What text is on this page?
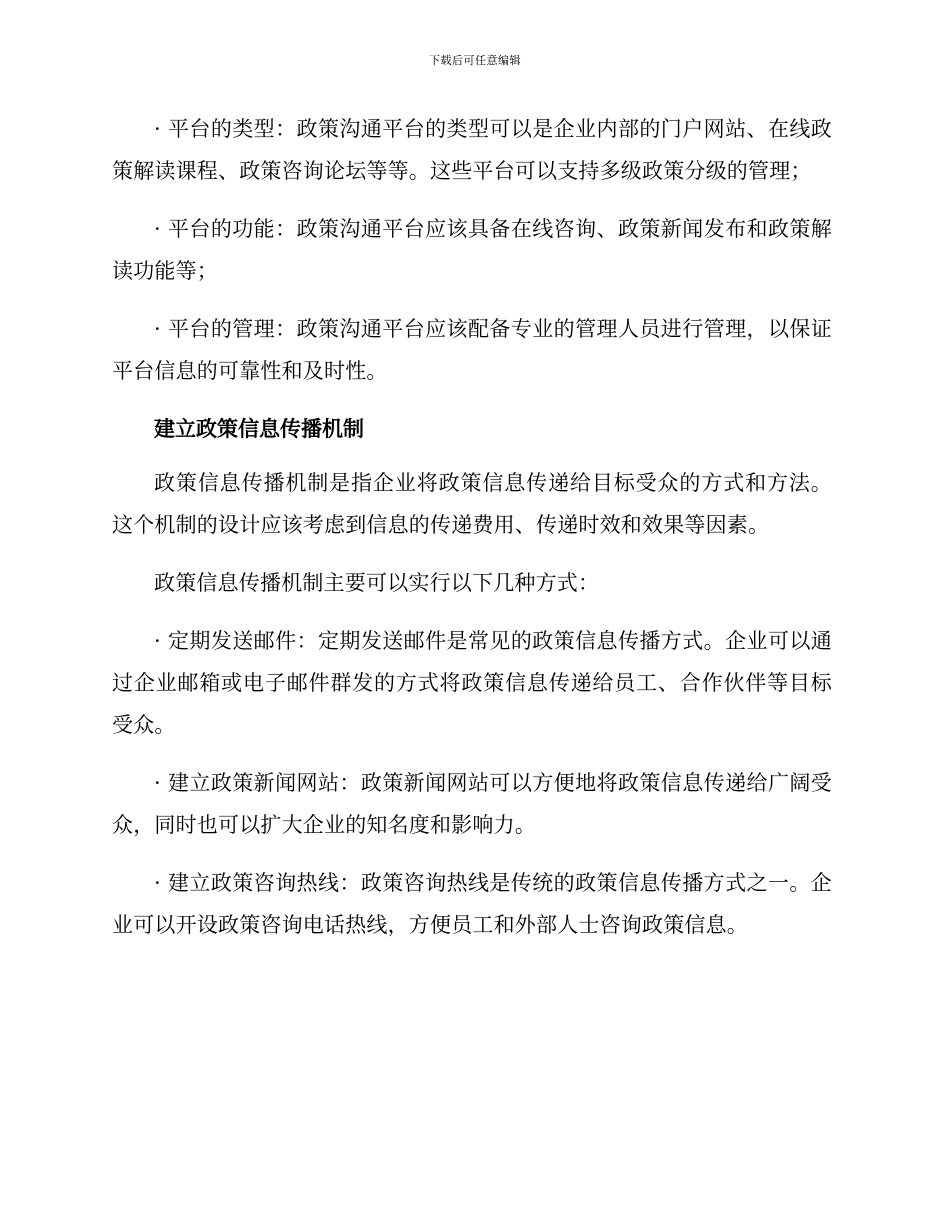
下载后可任意编辑

· 平台的类型：政策沟通平台的类型可以是企业内部的门户网站、在线政策解读课程、政策咨询论坛等等。这些平台可以支持多级政策分级的管理；

· 平台的功能：政策沟通平台应该具备在线咨询、政策新闻发布和政策解读功能等；

· 平台的管理：政策沟通平台应该配备专业的管理人员进行管理，以保证平台信息的可靠性和及时性。

建立政策信息传播机制

政策信息传播机制是指企业将政策信息传递给目标受众的方式和方法。这个机制的设计应该考虑到信息的传递费用、传递时效和效果等因素。

政策信息传播机制主要可以实行以下几种方式：

· 定期发送邮件：定期发送邮件是常见的政策信息传播方式。企业可以通过企业邮箱或电子邮件群发的方式将政策信息传递给员工、合作伙伴等目标受众。

· 建立政策新闻网站：政策新闻网站可以方便地将政策信息传递给广阔受众，同时也可以扩大企业的知名度和影响力。

· 建立政策咨询热线：政策咨询热线是传统的政策信息传播方式之一。企业可以开设政策咨询电话热线，方便员工和外部人士咨询政策信息。
